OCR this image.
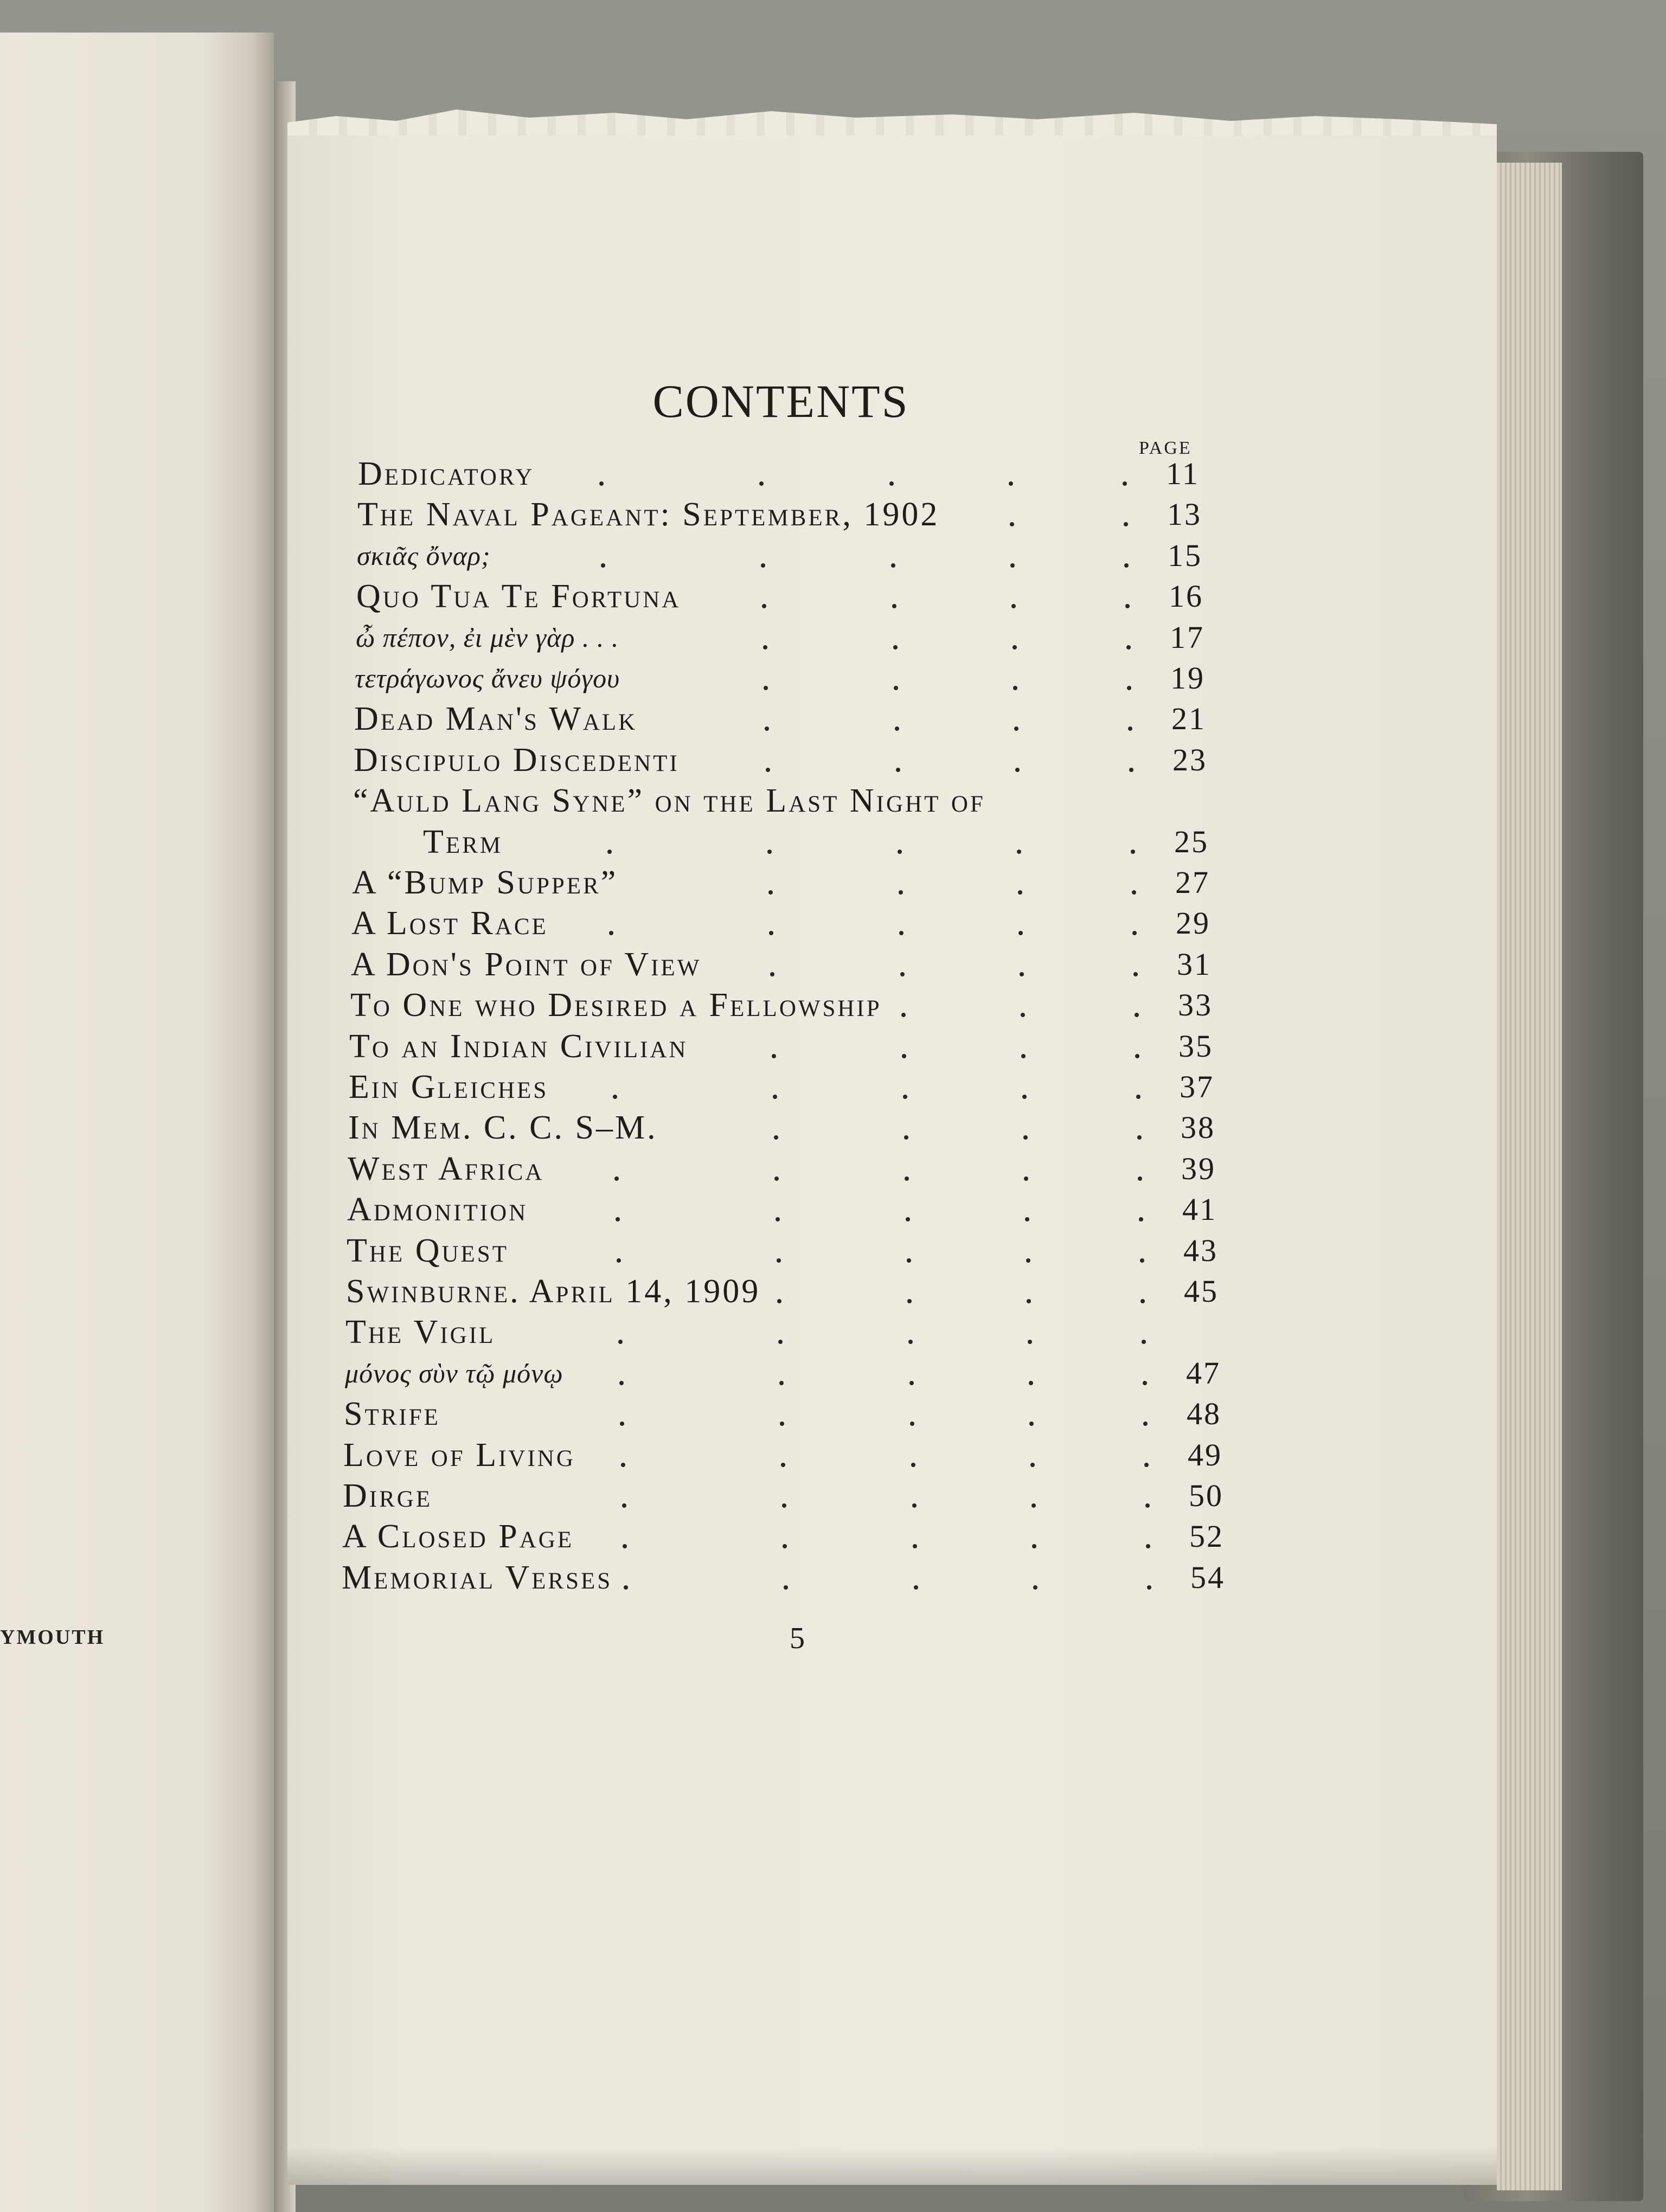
YMOUTH
CONTENTS
PAGE
Dedicatory	11
The Naval Pageant: September, 1902	13
σκιᾶς ὄναρ;	15
Quo Tua Te Fortuna	16
ὦ πέπον, ἐι μὲν γὰρ . . .	17
τετράγωνος ἄνευ ψόγου	19
Dead Man's Walk	21
Discipulo Discedenti	23
“Auld Lang Syne” on the Last Night of
Term	25
A “Bump Supper”	27
A Lost Race	29
A Don's Point of View	31
To One who Desired a Fellowship	33
To an Indian Civilian	35
Ein Gleiches	37
In Mem. C. C. S–M.	38
West Africa	39
Admonition	41
The Quest	43
Swinburne. April 14, 1909	45
The Vigil
μόνος σὺν τῷ μόνῳ	47
Strife	48
Love of Living	49
Dirge	50
A Closed Page	52
Memorial Verses	54
5
